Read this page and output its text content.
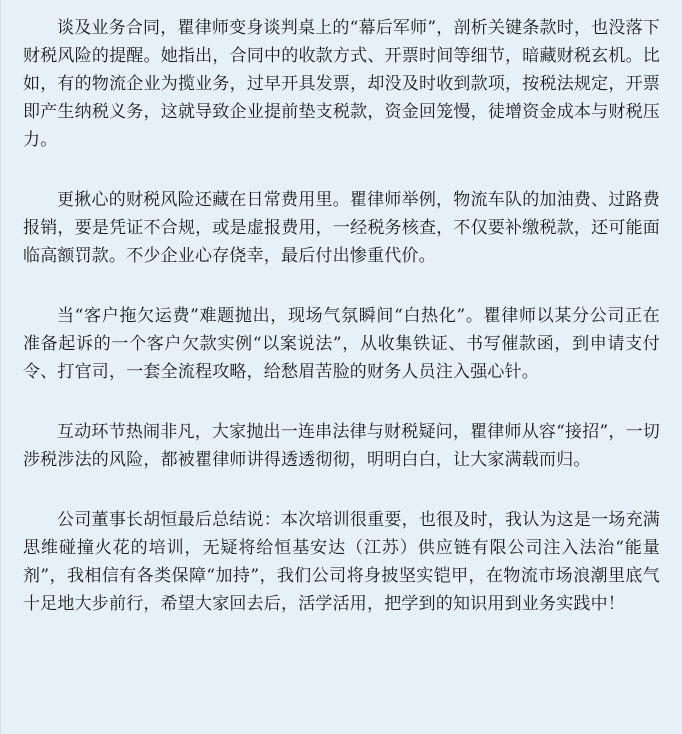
谈及业务合同，瞿律师变身谈判桌上的“幕后军师”，剖析关键条款时，也没落下财税风险的提醒。她指出，合同中的收款方式、开票时间等细节，暗藏财税玄机。比如，有的物流企业为揽业务，过早开具发票，却没及时收到款项，按税法规定，开票即产生纳税义务，这就导致企业提前垫支税款，资金回笼慢，徒增资金成本与财税压力。

更揪心的财税风险还藏在日常费用里。瞿律师举例，物流车队的加油费、过路费报销，要是凭证不合规，或是虚报费用，一经税务核查，不仅要补缴税款，还可能面临高额罚款。不少企业心存侥幸，最后付出惨重代价。

当“客户拖欠运费”难题抛出，现场气氛瞬间“白热化”。瞿律师以某分公司正在准备起诉的一个客户欠款实例“以案说法”，从收集铁证、书写催款函，到申请支付令、打官司，一套全流程攻略，给愁眉苦脸的财务人员注入强心针。

互动环节热闹非凡，大家抛出一连串法律与财税疑问，瞿律师从容“接招”，一切涉税涉法的风险，都被瞿律师讲得透透彻彻，明明白白，让大家满载而归。

公司董事长胡恒最后总结说：本次培训很重要，也很及时，我认为这是一场充满思维碰撞火花的培训，无疑将给恒基安达（江苏）供应链有限公司注入法治“能量剂”，我相信有各类保障“加持”，我们公司将身披坚实铠甲，在物流市场浪潮里底气十足地大步前行，希望大家回去后，活学活用，把学到的知识用到业务实践中！
